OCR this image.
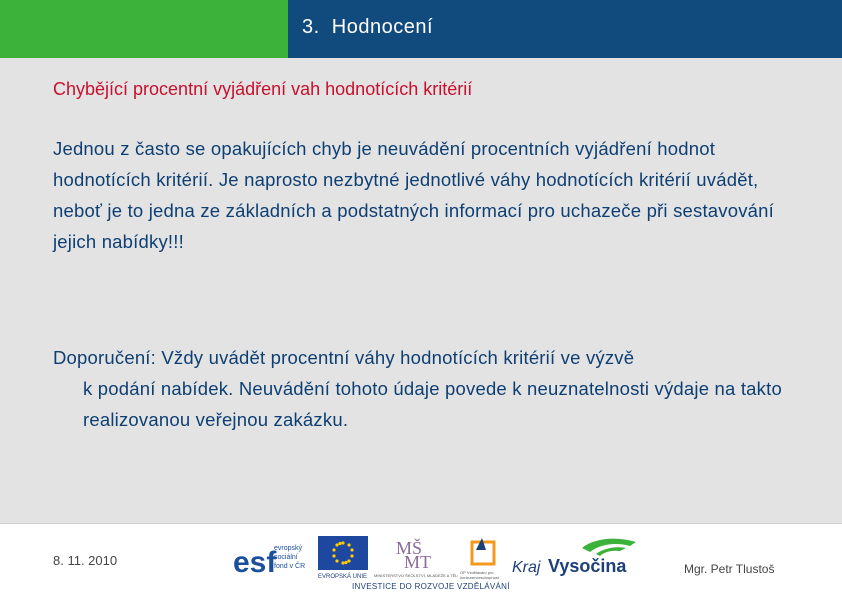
3.  Hodnocení
Chybějící procentní vyjádření vah hodnotících kritérií
Jednou z často se opakujících chyb je neuvádění procentních vyjádření hodnot hodnotících kritérií. Je naprosto nezbytné jednotlivé váhy hodnotících kritérií uvádět, neboť je to jedna ze základních a podstatných informací pro uchazeče při sestavování jejich nabídky!!!
Doporučení: Vždy uvádět procentní váhy hodnotících kritérií ve výzvě
k podání nabídek. Neuvádění tohoto údaje povede k neuznatelnosti výdaje na takto realizovanou veřejnou zakázku.
8. 11. 2010
Mgr. Petr Tlustoš
esf
evropský
sociální
fond v ČR
EVROPSKÁ UNIE
MŠ
MT
MINISTERSTVO ŠKOLSTVÍ, MLÁDEŽE A TĚL
OP Vzdělávání pro
konkurenceschopnost
Kraj Vysočina
INVESTICE DO ROZVOJE VZDĚLÁVÁNÍ
